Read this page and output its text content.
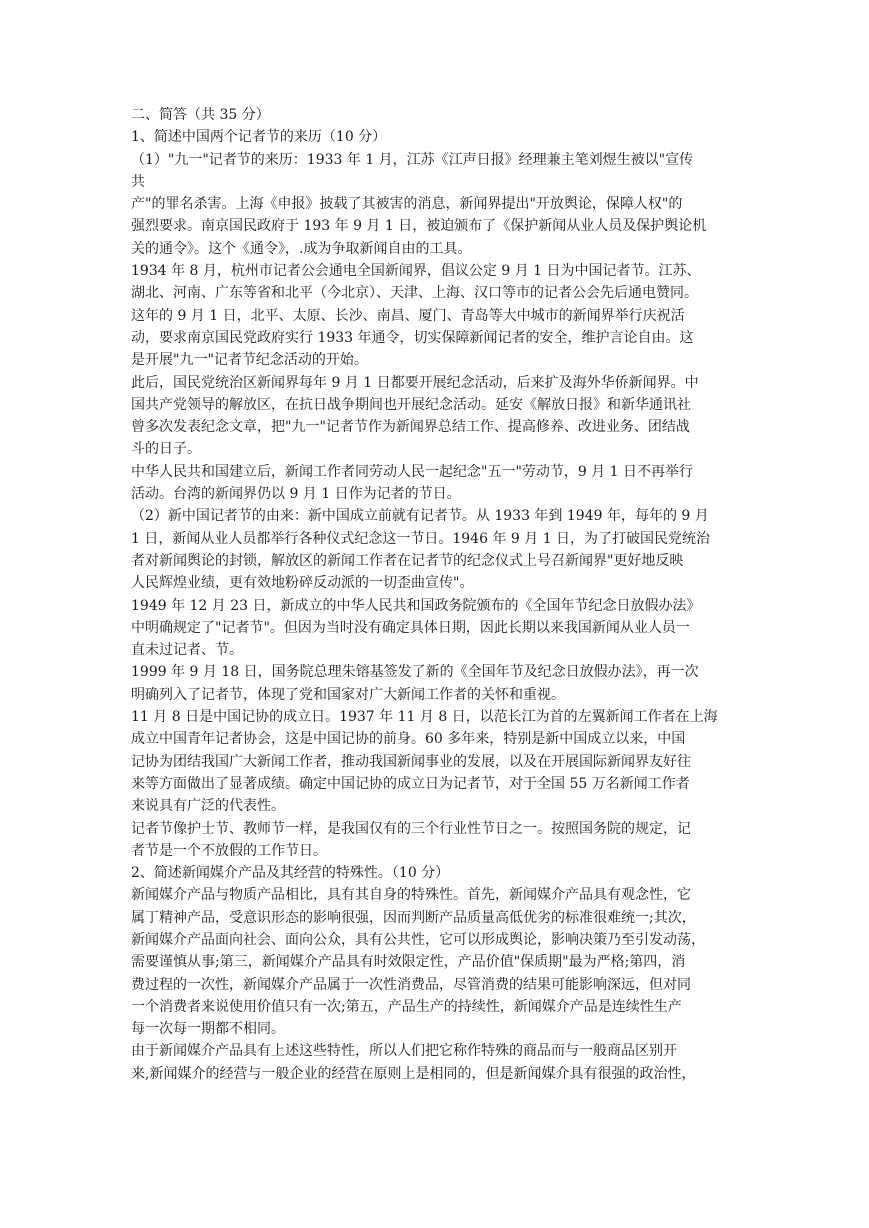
二、简答（共 35 分）
1、简述中国两个记者节的来历（10 分）
（1）"九一"记者节的来历：1933 年 1 月，江苏《江声日报》经理兼主笔刘煜生被以"宣传
共
产"的罪名杀害。上海《申报》披载了其被害的消息，新闻界提出"开放舆论，保障人权"的
强烈要求。南京国民政府于 193 年 9 月 1 日，被迫颁布了《保护新闻从业人员及保护舆论机
关的通令》。这个《通令》，.成为争取新闻自由的工具。
1934 年 8 月，杭州市记者公会通电全国新闻界，倡议公定 9 月 1 日为中国记者节。江苏、
湖北、河南、广东等省和北平（今北京）、天津、上海、汉口等市的记者公会先后通电赞同。
这年的 9 月 1 日，北平、太原、长沙、南昌、厦门、青岛等大中城市的新闻界举行庆祝活
动，要求南京国民党政府实行 1933 年通令，切实保障新闻记者的安全，维护言论自由。这
是开展"九一"记者节纪念活动的开始。
此后，国民党统治区新闻界每年 9 月 1 日都要开展纪念活动，后来扩及海外华侨新闻界。中
国共产党领导的解放区，在抗日战争期间也开展纪念活动。延安《解放日报》和新华通讯社
曾多次发表纪念文章，把"九一"记者节作为新闻界总结工作、提高修养、改进业务、团结战
斗的日子。
中华人民共和国建立后，新闻工作者同劳动人民一起纪念"五一"劳动节，9 月 1 日不再举行
活动。台湾的新闻界仍以 9 月 1 日作为记者的节日。
（2）新中国记者节的由来：新中国成立前就有记者节。从 1933 年到 1949 年，每年的 9 月
1 日，新闻从业人员都举行各种仪式纪念这一节日。1946 年 9 月 1 日，为了打破国民党统治
者对新闻舆论的封锁，解放区的新闻工作者在记者节的纪念仪式上号召新闻界"更好地反映
人民辉煌业绩，更有效地粉碎反动派的一切歪曲宣传"。
1949 年 12 月 23 日，新成立的中华人民共和国政务院颁布的《全国年节纪念日放假办法》
中明确规定了"记者节"。但因为当时没有确定具体日期，因此长期以来我国新闻从业人员一
直未过记者、节。
1999 年 9 月 18 日，国务院总理朱镕基签发了新的《全国年节及纪念日放假办法》，再一次
明确列入了记者节，体现了党和国家对广大新闻工作者的关怀和重视。
11 月 8 日是中国记协的成立日。1937 年 11 月 8 日，以范长江为首的左翼新闻工作者在上海
成立中国青年记者协会，这是中国记协的前身。60 多年来，特别是新中国成立以来，中国
记协为团结我国广大新闻工作者，推动我国新闻事业的发展，以及在开展国际新闻界友好往
来等方面做出了显著成绩。确定中国记协的成立日为记者节，对于全国 55 万名新闻工作者
来说具有广泛的代表性。
记者节像护士节、教师节一样，是我国仅有的三个行业性节日之一。按照国务院的规定，记
者节是一个不放假的工作节日。
2、简述新闻媒介产品及其经营的特殊性。（10 分）
新闻媒介产品与物质产品相比，具有其自身的特殊性。首先，新闻媒介产品具有观念性，它
属丁精神产品，受意识形态的影响很强，因而判断产品质量高低优劣的标准很难统一;其次，
新闻媒介产品面向社会、面向公众，具有公共性，它可以形成舆论，影响决策乃至引发动荡，
需要谨慎从事;第三，新闻媒介产品具有时效限定性，产品价值"保质期"最为严格;第四，消
费过程的一次性，新闻媒介产品属于一次性消费品，尽管消费的结果可能影响深远，但对同
一个消费者来说使用价值只有一次;第五，产品生产的持续性，新闻媒介产品是连续性生产
每一次每一期都不相同。
由于新闻媒介产品具有上述这些特性，所以人们把它称作特殊的商品而与一般商品区别开
来,新闻媒介的经营与一般企业的经营在原则上是相同的，但是新闻媒介具有很强的政治性，
